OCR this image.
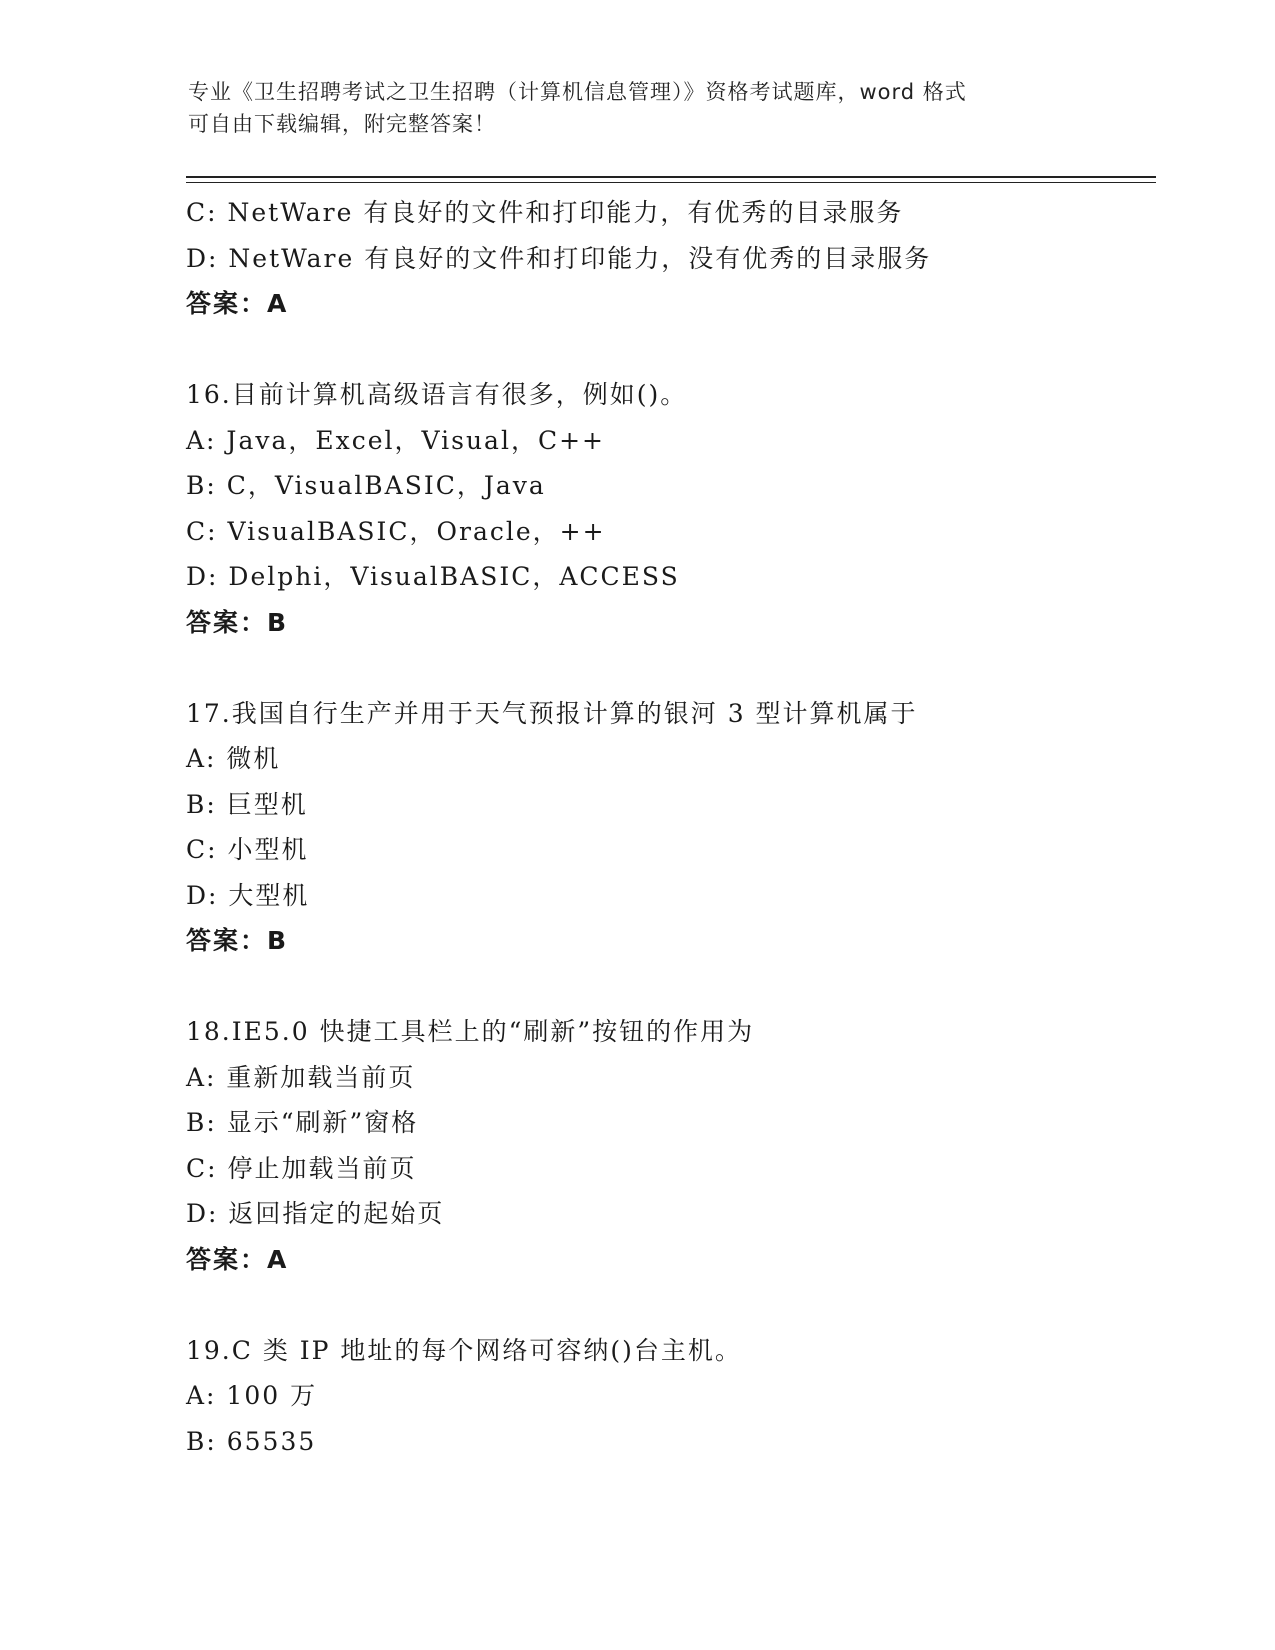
专业《卫生招聘考试之卫生招聘（计算机信息管理）》资格考试题库，word 格式
可自由下载编辑，附完整答案！
C: NetWare 有良好的文件和打印能力，有优秀的目录服务
D: NetWare 有良好的文件和打印能力，没有优秀的目录服务
答案：A
16.目前计算机高级语言有很多，例如()。
A: Java，Excel，Visual，C++
B: C，VisualBASIC，Java
C: VisualBASIC，Oracle，++
D: Delphi，VisualBASIC，ACCESS
答案：B
17.我国自行生产并用于天气预报计算的银河 3 型计算机属于
A: 微机
B: 巨型机
C: 小型机
D: 大型机
答案：B
18.IE5.0 快捷工具栏上的“刷新”按钮的作用为
A: 重新加载当前页
B: 显示“刷新”窗格
C: 停止加载当前页
D: 返回指定的起始页
答案：A
19.C 类 IP 地址的每个网络可容纳()台主机。
A: 100 万
B: 65535
